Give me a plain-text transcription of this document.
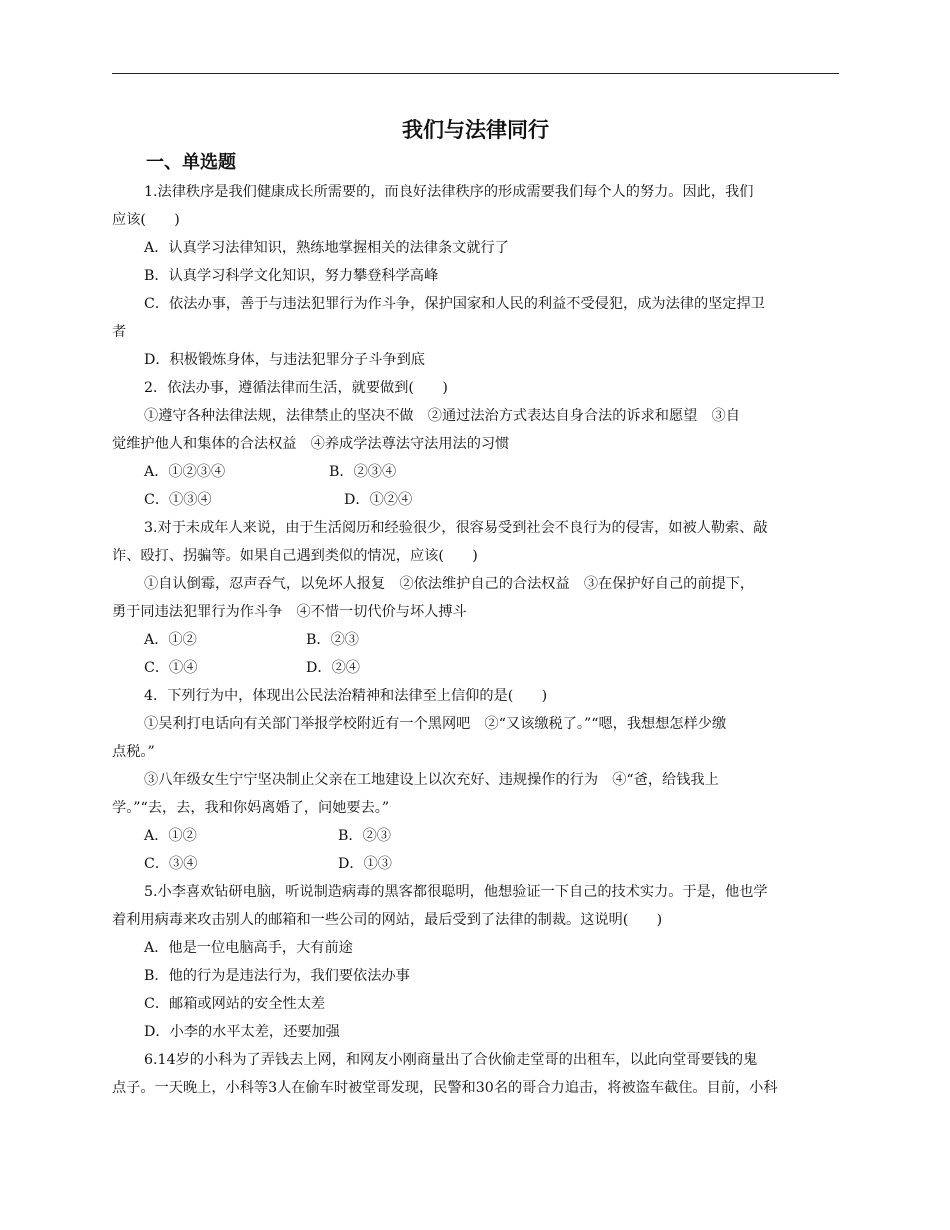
我们与法律同行
一、单选题

1.法律秩序是我们健康成长所需要的，而良好法律秩序的形成需要我们每个人的努力。因此，我们

应该(　　)

A．认真学习法律知识，熟练地掌握相关的法律条文就行了

B．认真学习科学文化知识，努力攀登科学高峰

C．依法办事，善于与违法犯罪行为作斗争，保护国家和人民的利益不受侵犯，成为法律的坚定捍卫

者

D．积极锻炼身体，与违法犯罪分子斗争到底

2．依法办事，遵循法律而生活，就要做到(　　)

①遵守各种法律法规，法律禁止的坚决不做　②通过法治方式表达自身合法的诉求和愿望　③自

觉维护他人和集体的合法权益　④养成学法尊法守法用法的习惯

A．①②③④	B．②③④
C．①③④	D．①②④

3.对于未成年人来说，由于生活阅历和经验很少，很容易受到社会不良行为的侵害，如被人勒索、敲

诈、殴打、拐骗等。如果自己遇到类似的情况，应该(　　)

①自认倒霉，忍声吞气，以免坏人报复　②依法维护自己的合法权益　③在保护好自己的前提下，

勇于同违法犯罪行为作斗争　④不惜一切代价与坏人搏斗

A．①②	B．②③
C．①④	D．②④

4．下列行为中，体现出公民法治精神和法律至上信仰的是(　　)

①吴利打电话向有关部门举报学校附近有一个黑网吧　②“又该缴税了。”“嗯，我想想怎样少缴

点税。”

③八年级女生宁宁坚决制止父亲在工地建设上以次充好、违规操作的行为　④“爸，给钱我上

学。”“去，去，我和你妈离婚了，问她要去。”

A．①②	B．②③
C．③④	D．①③

5.小李喜欢钻研电脑，听说制造病毒的黑客都很聪明，他想验证一下自己的技术实力。于是，他也学

着利用病毒来攻击别人的邮箱和一些公司的网站，最后受到了法律的制裁。这说明(　　)

A．他是一位电脑高手，大有前途

B．他的行为是违法行为，我们要依法办事

C．邮箱或网站的安全性太差

D．小李的水平太差，还要加强

6.14岁的小科为了弄钱去上网，和网友小刚商量出了合伙偷走堂哥的出租车，以此向堂哥要钱的鬼

点子。一天晚上，小科等3人在偷车时被堂哥发现，民警和30名的哥合力追击，将被盗车截住。目前，小科
